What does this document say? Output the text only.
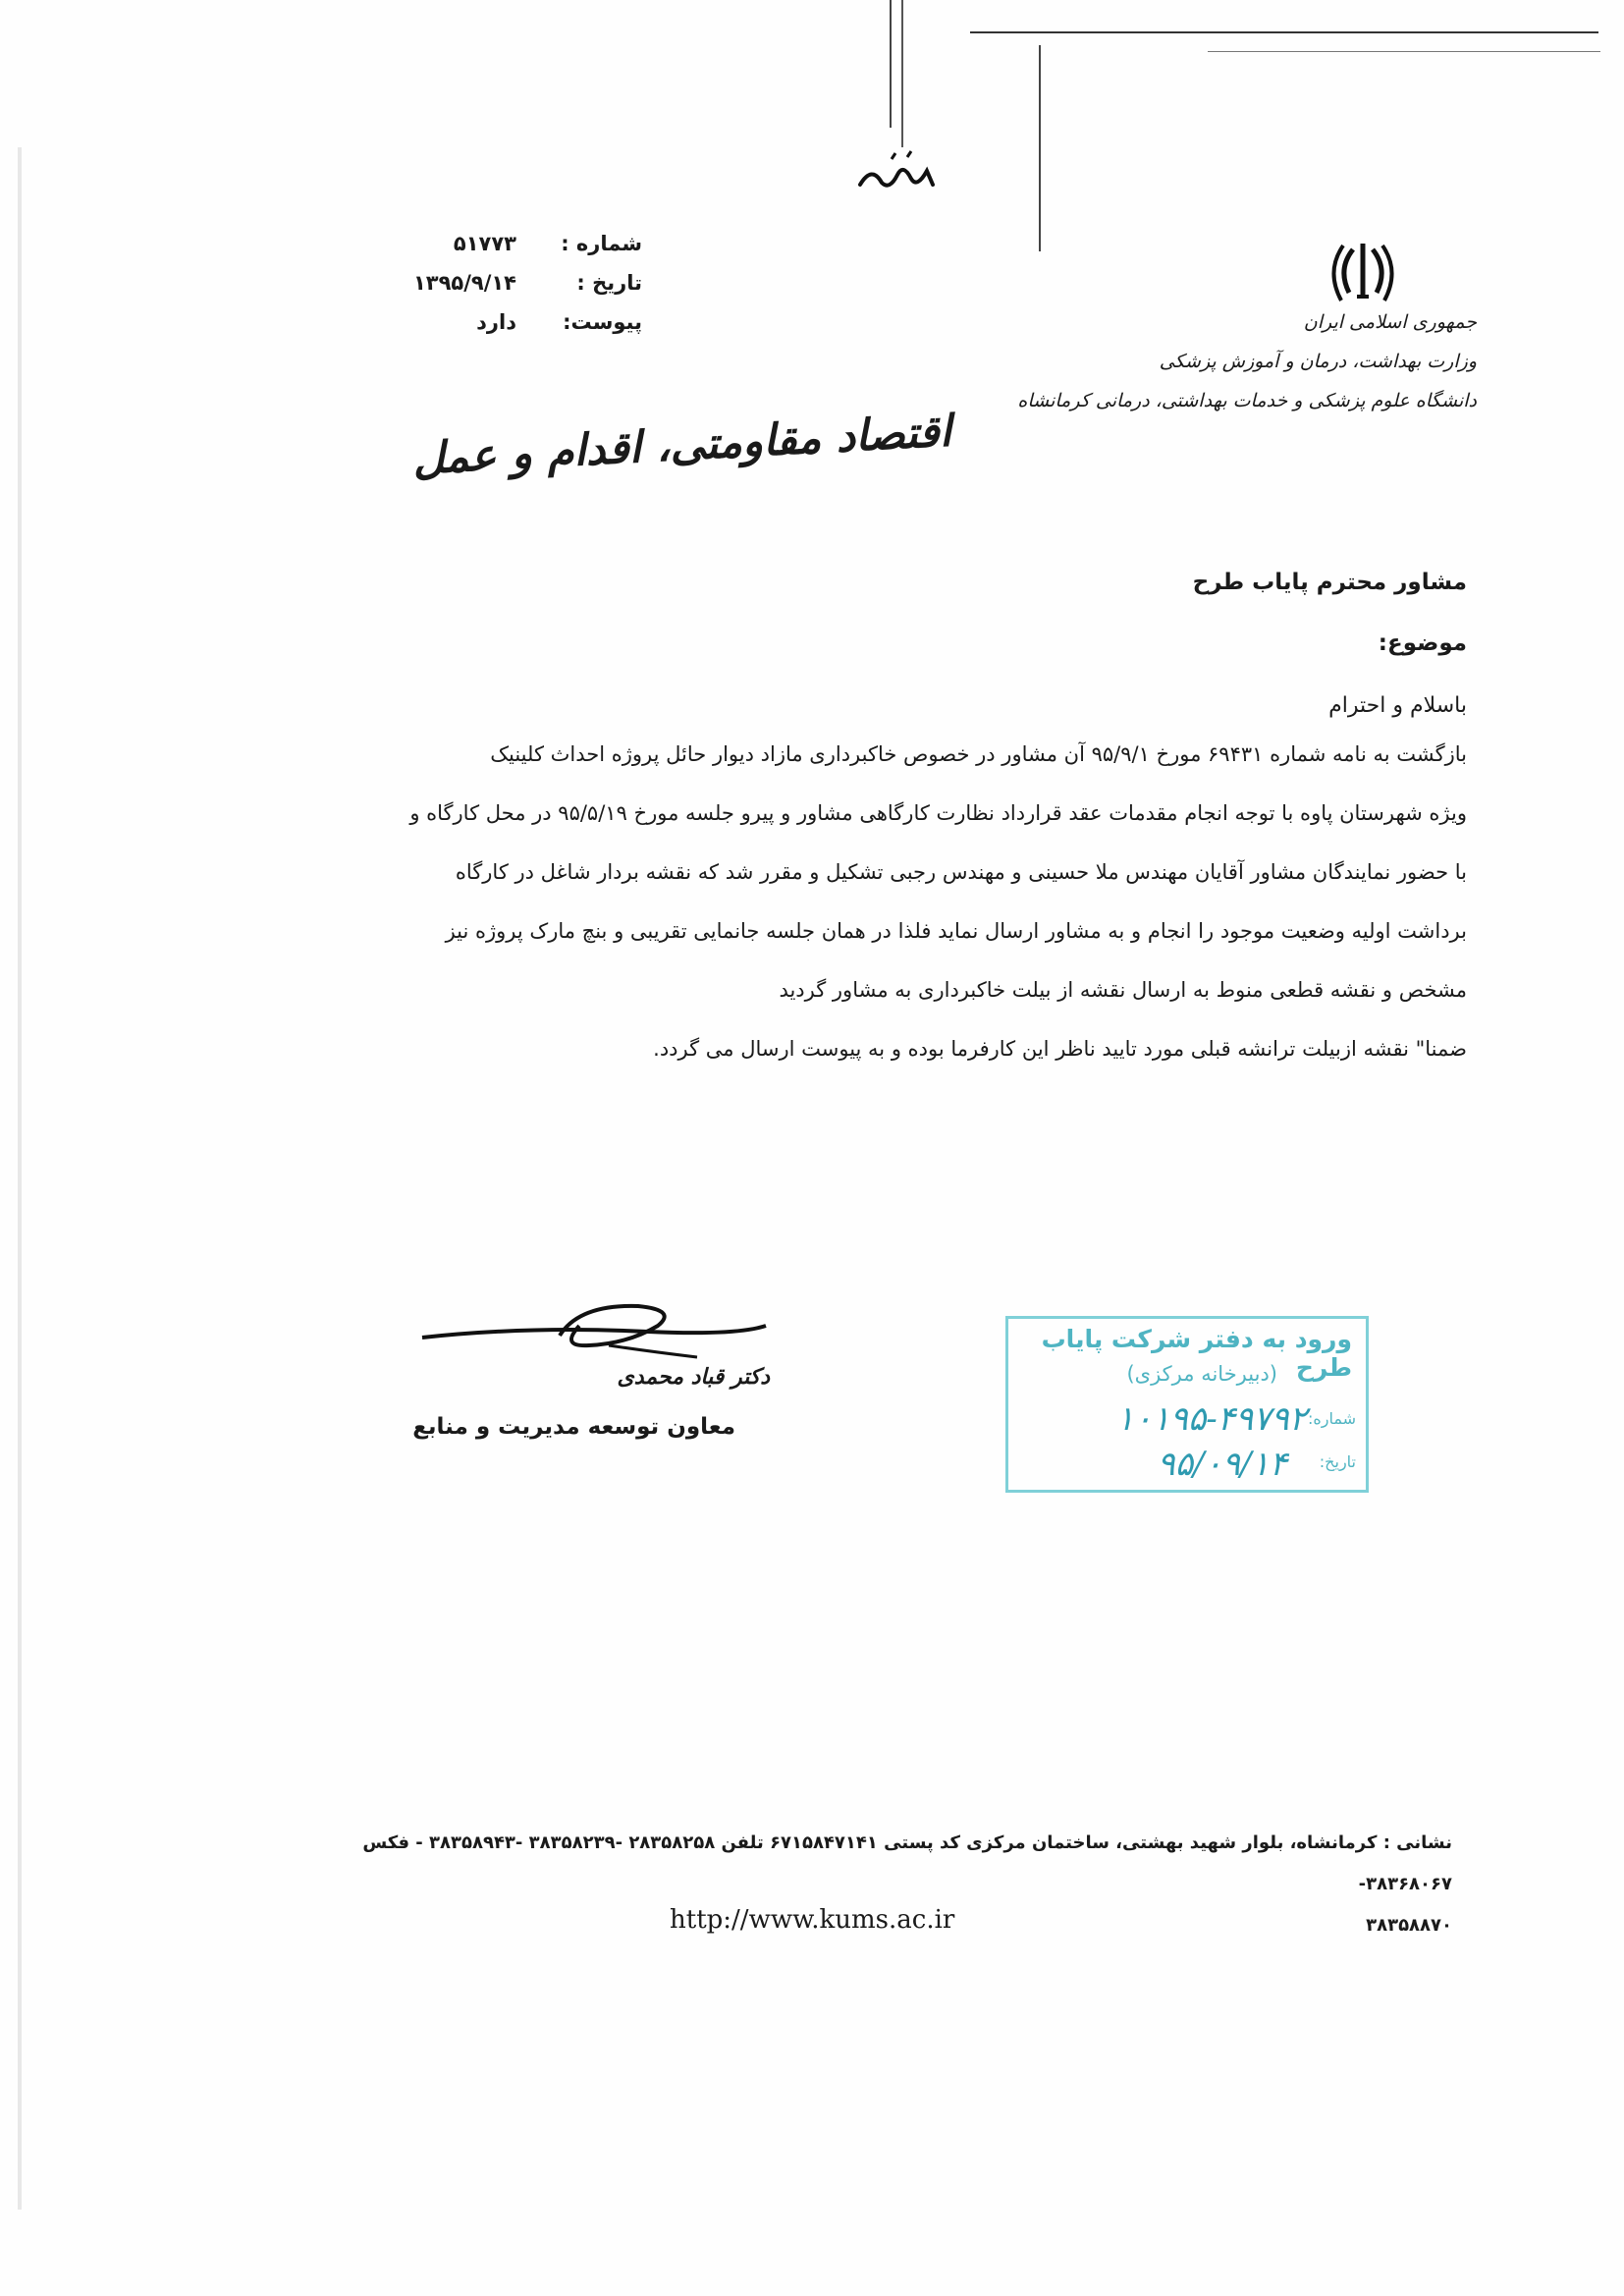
بسمه تعالی
جمهوری اسلامی ایران
وزارت بهداشت، درمان و آموزش پزشکی
دانشگاه علوم پزشکی و خدمات بهداشتی، درمانی کرمانشاه
شماره :
۵۱۷۷۳
تاریخ :
۱۳۹۵/۹/۱۴
پیوست:
دارد
اقتصاد مقاومتی، اقدام و عمل
مشاور محترم پایاب طرح
موضوع:
باسلام و احترام

بازگشت به نامه شماره ۶۹۴۳۱ مورخ ۹۵/۹/۱ آن مشاور در خصوص خاکبرداری مازاد دیوار حائل پروژه احداث کلینیک

ویژه شهرستان پاوه با توجه انجام مقدمات عقد قرارداد نظارت کارگاهی مشاور و پیرو جلسه مورخ ۹۵/۵/۱۹ در محل کارگاه و

با حضور نمایندگان مشاور آقایان مهندس ملا حسینی و مهندس رجبی تشکیل و مقرر شد که نقشه بردار شاغل در کارگاه

برداشت اولیه وضعیت موجود را انجام و به مشاور ارسال نماید فلذا در همان جلسه جانمایی تقریبی و بنچ مارک پروژه نیز

مشخص و نقشه قطعی منوط به ارسال نقشه از بیلت خاکبرداری به مشاور گردید

ضمنا" نقشه ازبیلت ترانشه قبلی مورد تایید ناظر این کارفرما بوده و به پیوست ارسال می گردد.

دکتر قباد محمدی
معاون توسعه مدیریت و منابع
ورود به دفتر شرکت پایاب طرح
(دبیرخانه مرکزی)
شماره:
۱۰۱۹۵-۴۹۷۹۲
تاریخ:
۹۵/۰۹/۱۴
نشانی : کرمانشاه، بلوار شهید بهشتی، ساختمان مرکزی کد پستی ۶۷۱۵۸۴۷۱۴۱ تلفن ۲۸۳۵۸۲۵۸ -۳۸۳۵۸۲۳۹ -۳۸۳۵۸۹۴۳ - فکس ۳۸۳۶۸۰۶۷-
۳۸۳۵۸۸۷۰
http://www.kums.ac.ir
